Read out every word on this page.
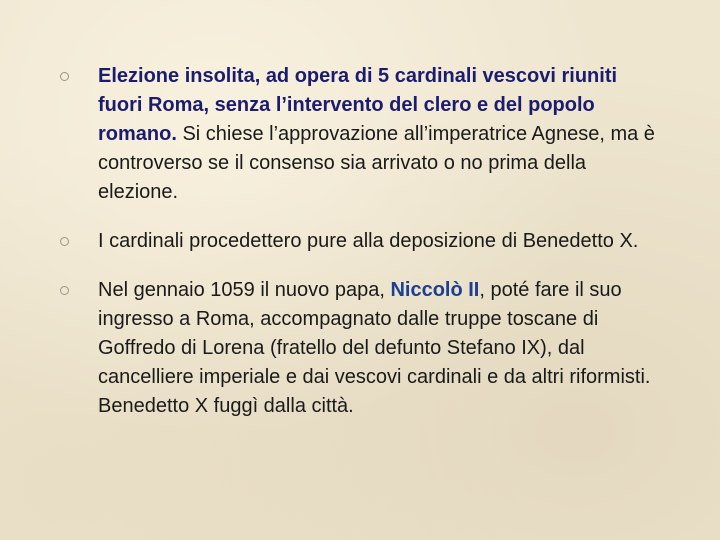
Elezione insolita, ad opera di 5 cardinali vescovi riuniti fuori Roma, senza l’intervento del clero e del popolo romano. Si chiese l’approvazione all’imperatrice Agnese, ma è controverso se il consenso sia arrivato o no prima della elezione.
I cardinali procedettero pure alla deposizione di Benedetto X.
Nel gennaio 1059 il nuovo papa, Niccolò II, poté fare il suo ingresso a Roma, accompagnato dalle truppe toscane di Goffredo di Lorena (fratello del defunto Stefano IX), dal cancelliere imperiale e dai vescovi cardinali e da altri riformisti. Benedetto X fuggì dalla città.
